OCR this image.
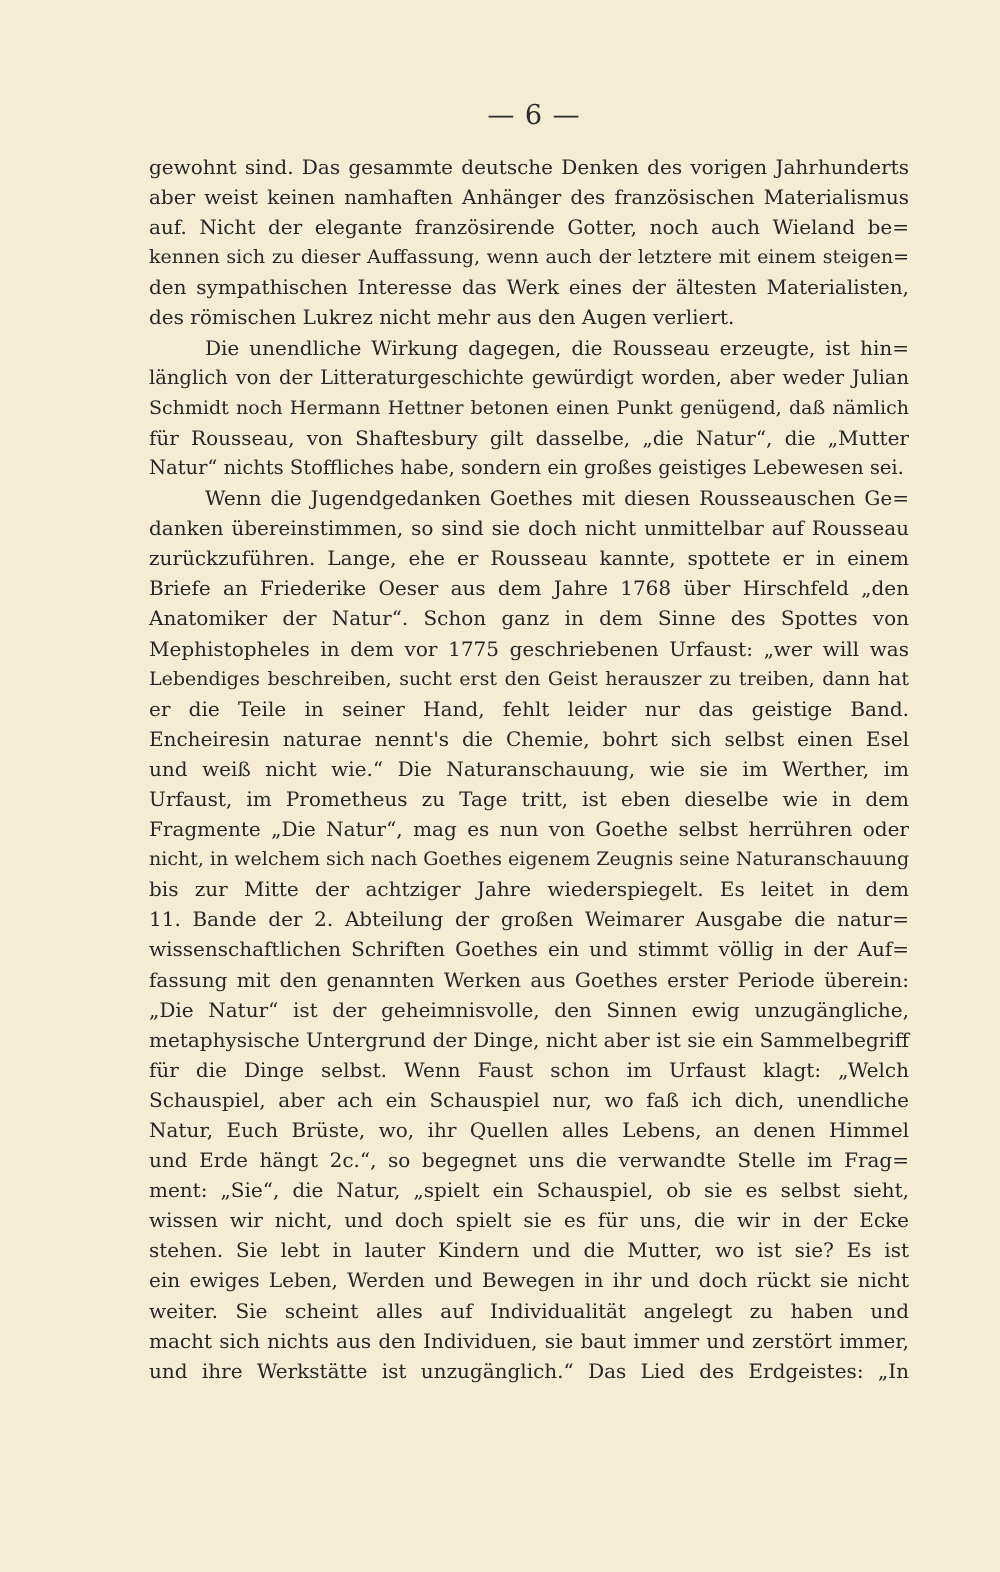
— 6 —
gewohnt sind. Das gesammte deutsche Denken des vorigen Jahrhunderts
aber weist keinen namhaften Anhänger des französischen Materialismus
auf. Nicht der elegante französirende Gotter, noch auch Wieland be=
kennen sich zu dieser Auffassung, wenn auch der letztere mit einem steigen=
den sympathischen Interesse das Werk eines der ältesten Materialisten,
des römischen Lukrez nicht mehr aus den Augen verliert.
Die unendliche Wirkung dagegen, die Rousseau erzeugte, ist hin=
länglich von der Litteraturgeschichte gewürdigt worden, aber weder Julian
Schmidt noch Hermann Hettner betonen einen Punkt genügend, daß nämlich
für Rousseau, von Shaftesbury gilt dasselbe, „die Natur“, die „Mutter
Natur“ nichts Stoffliches habe, sondern ein großes geistiges Lebewesen sei.
Wenn die Jugendgedanken Goethes mit diesen Rousseauschen Ge=
danken übereinstimmen, so sind sie doch nicht unmittelbar auf Rousseau
zurückzuführen. Lange, ehe er Rousseau kannte, spottete er in einem
Briefe an Friederike Oeser aus dem Jahre 1768 über Hirschfeld „den
Anatomiker der Natur“. Schon ganz in dem Sinne des Spottes von
Mephistopheles in dem vor 1775 geschriebenen Urfaust: „wer will was
Lebendiges beschreiben, sucht erst den Geist herauszer zu treiben, dann hat
er die Teile in seiner Hand, fehlt leider nur das geistige Band.
Encheiresin naturae nennt's die Chemie, bohrt sich selbst einen Esel
und weiß nicht wie.“ Die Naturanschauung, wie sie im Werther, im
Urfaust, im Prometheus zu Tage tritt, ist eben dieselbe wie in dem
Fragmente „Die Natur“, mag es nun von Goethe selbst herrühren oder
nicht, in welchem sich nach Goethes eigenem Zeugnis seine Naturanschauung
bis zur Mitte der achtziger Jahre wiederspiegelt. Es leitet in dem
11. Bande der 2. Abteilung der großen Weimarer Ausgabe die natur=
wissenschaftlichen Schriften Goethes ein und stimmt völlig in der Auf=
fassung mit den genannten Werken aus Goethes erster Periode überein:
„Die Natur“ ist der geheimnisvolle, den Sinnen ewig unzugängliche,
metaphysische Untergrund der Dinge, nicht aber ist sie ein Sammelbegriff
für die Dinge selbst. Wenn Faust schon im Urfaust klagt: „Welch
Schauspiel, aber ach ein Schauspiel nur, wo faß ich dich, unendliche
Natur, Euch Brüste, wo, ihr Quellen alles Lebens, an denen Himmel
und Erde hängt 2c.“, so begegnet uns die verwandte Stelle im Frag=
ment: „Sie“, die Natur, „spielt ein Schauspiel, ob sie es selbst sieht,
wissen wir nicht, und doch spielt sie es für uns, die wir in der Ecke
stehen. Sie lebt in lauter Kindern und die Mutter, wo ist sie? Es ist
ein ewiges Leben, Werden und Bewegen in ihr und doch rückt sie nicht
weiter. Sie scheint alles auf Individualität angelegt zu haben und
macht sich nichts aus den Individuen, sie baut immer und zerstört immer,
und ihre Werkstätte ist unzugänglich.“ Das Lied des Erdgeistes: „In
